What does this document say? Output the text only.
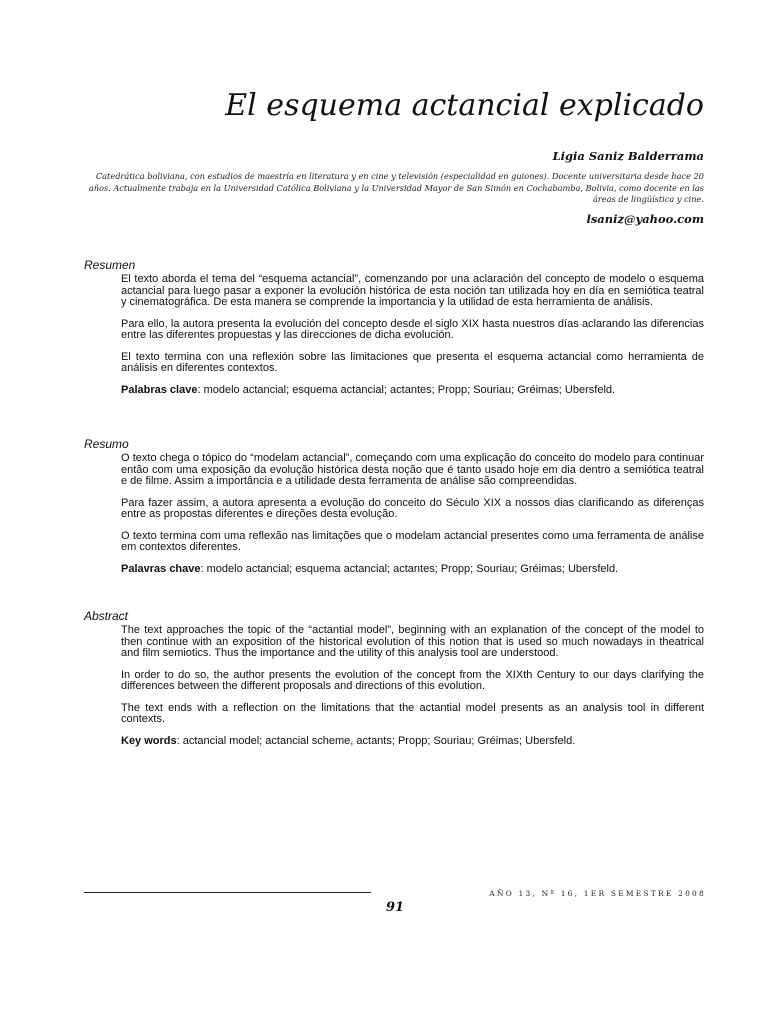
El esquema actancial explicado
Ligia Saniz Balderrama
Catedrática boliviana, con estudios de maestría en literatura y en cine y televisión (especialidad en guiones). Docente universitaria desde hace 20 años. Actualmente trabaja en la Universidad Católica Boliviana y la Universidad Mayor de San Simón en Cochabamba, Bolivia, como docente en las áreas de lingüística y cine.
lsaniz@yahoo.com
Resumen

El texto aborda el tema del “esquema actancial”, comenzando por una aclaración del concepto de modelo o esquema actancial para luego pasar a exponer la evolución histórica de esta noción tan utilizada hoy en día en semiótica teatral y cinematográfica. De esta manera se comprende la importancia y la utilidad de esta herramienta de análisis.

Para ello, la autora presenta la evolución del concepto desde el siglo XIX hasta nuestros días aclarando las diferencias entre las diferentes propuestas y las direcciones de dicha evolución.

El texto termina con una reflexión sobre las limitaciones que presenta el esquema actancial como herramienta de análisis en diferentes contextos.

Palabras clave: modelo actancial; esquema actancial; actantes; Propp; Souriau; Gréimas; Ubersfeld.

Resumo

O texto chega o tópico do “modelam actancial”, começando com uma explicação do conceito do modelo para continuar então com uma exposição da evolução histórica desta noção que é tanto usado hoje em dia dentro a semiótica teatral e de filme. Assim a importância e a utilidade desta ferramenta de análise são compreendidas.

Para fazer assim, a autora apresenta a evolução do conceito do Século XIX a nossos dias clarificando as diferenças entre as propostas diferentes e direções desta evolução.

O texto termina com uma reflexão nas limitações que o modelam actancial presentes como uma ferramenta de análise em contextos diferentes.

Palavras chave: modelo actancial; esquema actancial; actantes; Propp; Souriau; Gréimas; Ubersfeld.

Abstract

The text approaches the topic of the “actantial model”, beginning with an explanation of the concept of the model to then continue with an exposition of the historical evolution of this notion that is used so much nowadays in theatrical and film semiotics. Thus the importance and the utility of this analysis tool are understood.

In order to do so, the author presents the evolution of the concept from the XIXth Century to our days clarifying the differences between the different proposals and directions of this evolution.

The text ends with a reflection on the limitations that the actantial model presents as an analysis tool in different contexts.

Key words: actancial model; actancial scheme, actants; Propp; Souriau; Gréimas; Ubersfeld.

AÑO 13, Nº 16, 1ER SEMESTRE 2008
91
